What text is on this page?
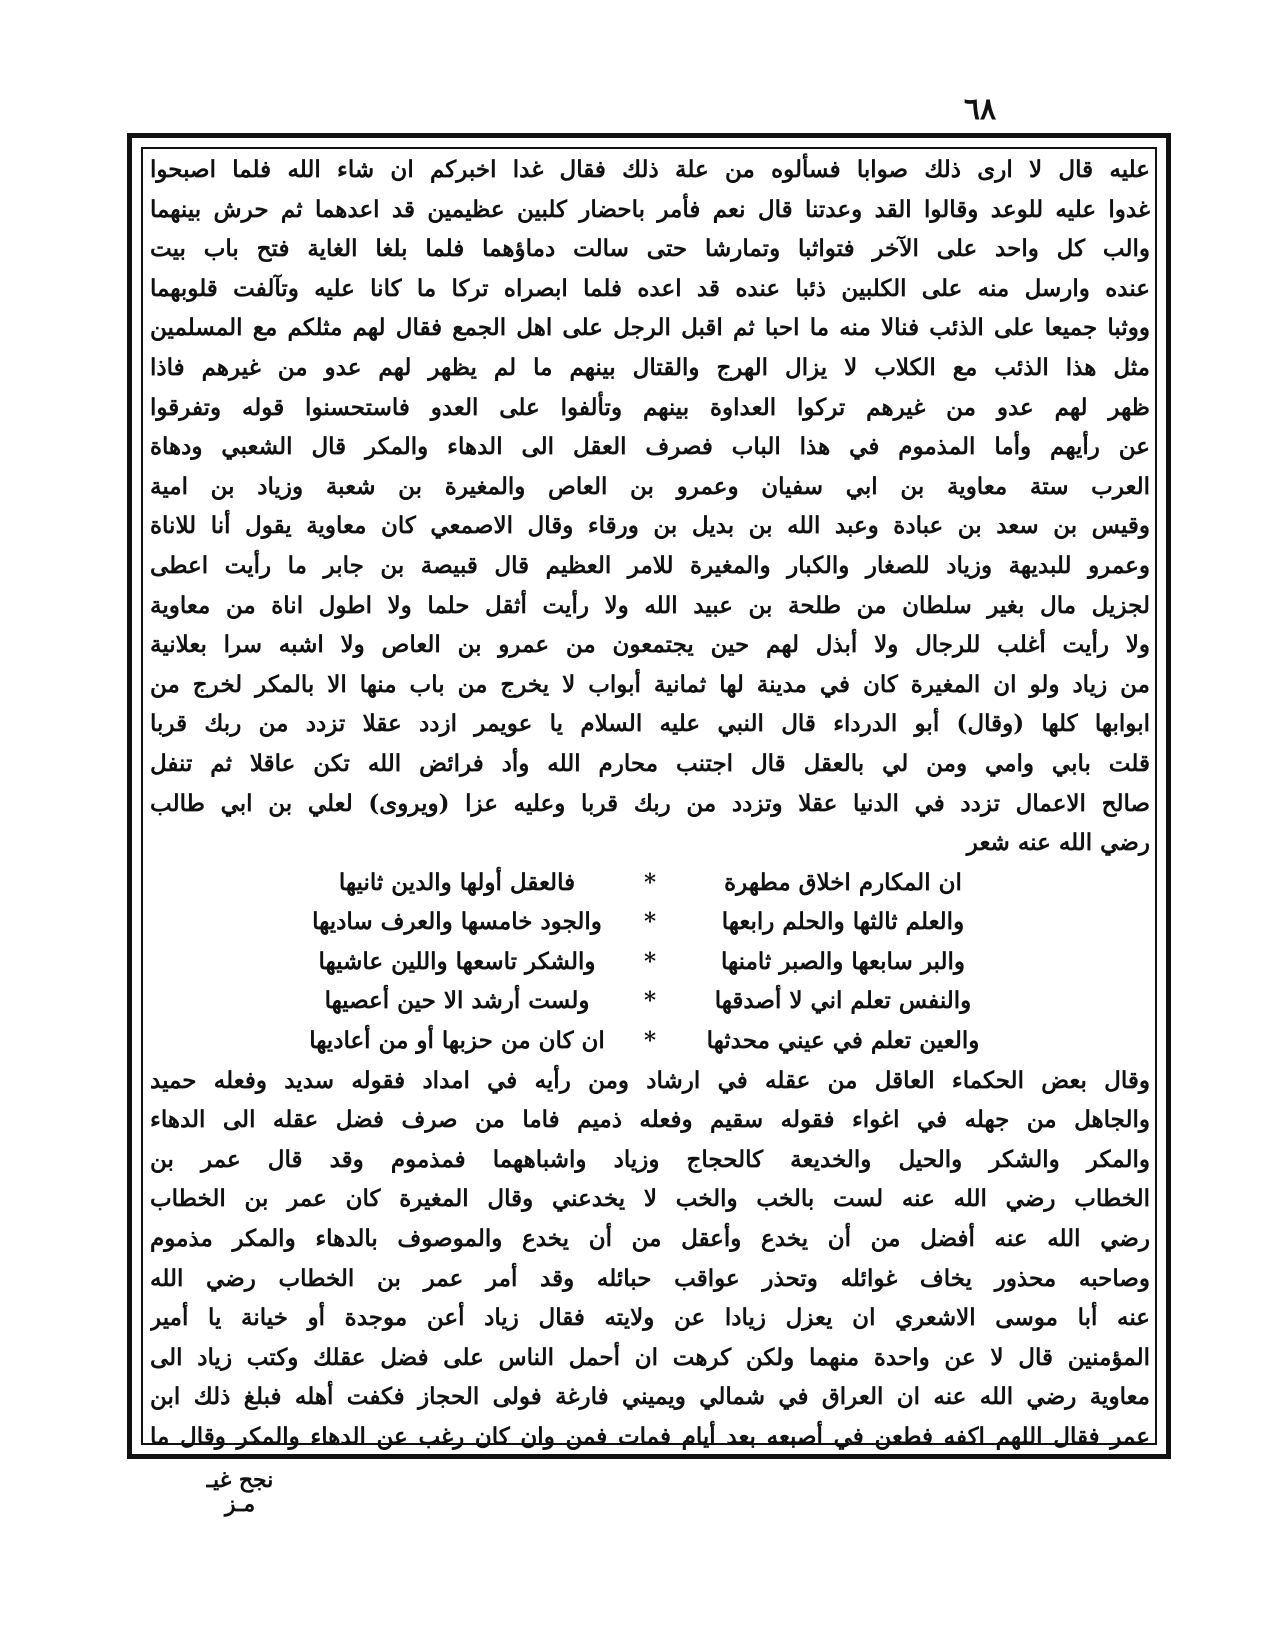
٦٨
عليه قال لا ارى ذلك صوابا فسألوه من علة ذلك فقال غدا اخبركم ان شاء الله فلما اصبحوا
غدوا عليه للوعد وقالوا القد وعدتنا قال نعم فأمر باحضار كلبين عظيمين قد اعدهما ثم حرش بينهما
والب كل واحد على الآخر فتواثبا وتمارشا حتى سالت دماؤهما فلما بلغا الغاية فتح باب بيت
عنده وارسل منه على الكلبين ذئبا عنده قد اعده فلما ابصراه تركا ما كانا عليه وتآلفت قلوبهما
ووثبا جميعا على الذئب فنالا منه ما احبا ثم اقبل الرجل على اهل الجمع فقال لهم مثلكم مع المسلمين
مثل هذا الذئب مع الكلاب لا يزال الهرج والقتال بينهم ما لم يظهر لهم عدو من غيرهم فاذا
ظهر لهم عدو من غيرهم تركوا العداوة بينهم وتألفوا على العدو فاستحسنوا قوله وتفرقوا
عن رأيهم وأما المذموم في هذا الباب فصرف العقل الى الدهاء والمكر قال الشعبي ودهاة
العرب ستة معاوية بن ابي سفيان وعمرو بن العاص والمغيرة بن شعبة وزياد بن امية
وقيس بن سعد بن عبادة وعبد الله بن بديل بن ورقاء وقال الاصمعي كان معاوية يقول أنا للاناة
وعمرو للبديهة وزياد للصغار والكبار والمغيرة للامر العظيم قال قبيصة بن جابر ما رأيت اعطى
لجزيل مال بغير سلطان من طلحة بن عبيد الله ولا رأيت أثقل حلما ولا اطول اناة من معاوية
ولا رأيت أغلب للرجال ولا أبذل لهم حين يجتمعون من عمرو بن العاص ولا اشبه سرا بعلانية
من زياد ولو ان المغيرة كان في مدينة لها ثمانية أبواب لا يخرج من باب منها الا بالمكر لخرج من
ابوابها كلها (وقال) أبو الدرداء قال النبي عليه السلام يا عويمر ازدد عقلا تزدد من ربك قربا
قلت بابي وامي ومن لي بالعقل قال اجتنب محارم الله وأد فرائض الله تكن عاقلا ثم تنفل
صالح الاعمال تزدد في الدنيا عقلا وتزدد من ربك قربا وعليه عزا (ويروى) لعلي بن ابي طالب
رضي الله عنه شعر
ان المكارم اخلاق مطهرة
*
فالعقل أولها والدين ثانيها
والعلم ثالثها والحلم رابعها
*
والجود خامسها والعرف ساديها
والبر سابعها والصبر ثامنها
*
والشكر تاسعها واللين عاشيها
والنفس تعلم اني لا أصدقها
*
ولست أرشد الا حين أعصيها
والعين تعلم في عيني محدثها
*
ان كان من حزبها أو من أعاديها
وقال بعض الحكماء العاقل من عقله في ارشاد ومن رأيه في امداد فقوله سديد وفعله حميد
والجاهل من جهله في اغواء فقوله سقيم وفعله ذميم فاما من صرف فضل عقله الى الدهاء
والمكر والشكر والحيل والخديعة كالحجاج وزياد واشباههما فمذموم وقد قال عمر بن
الخطاب رضي الله عنه لست بالخب والخب لا يخدعني وقال المغيرة كان عمر بن الخطاب
رضي الله عنه أفضل من أن يخدع وأعقل من أن يخدع والموصوف بالدهاء والمكر مذموم
وصاحبه محذور يخاف غوائله وتحذر عواقب حبائله وقد أمر عمر بن الخطاب رضي الله
عنه أبا موسى الاشعري ان يعزل زيادا عن ولايته فقال زياد أعن موجدة أو خيانة يا أمير
المؤمنين قال لا عن واحدة منهما ولكن كرهت ان أحمل الناس على فضل عقلك وكتب زياد الى
معاوية رضي الله عنه ان العراق في شمالي ويميني فارغة فولى الحجاز فكفت أهله فبلغ ذلك ابن
عمر فقال اللهم اكفه فطعن في أصبعه بعد أيام فمات فمن وان كان رغب عن الدهاء والمكر وقال ما
نجح غيـ مـز
